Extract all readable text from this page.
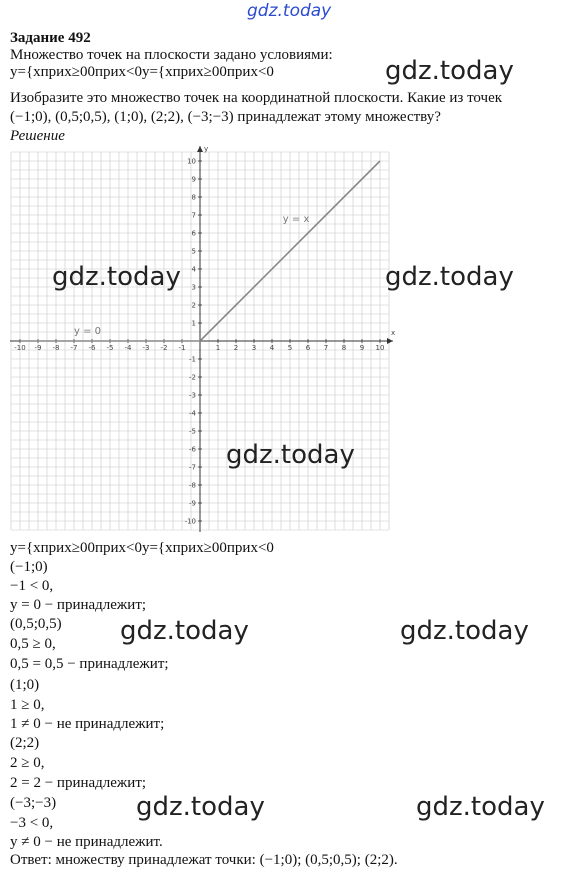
gdz.today
Задание 492
Множество точек на плоскости задано условиями:
y={xприх≥00прих<0y={xприх≥00прих<0
Изобразите это множество точек на координатной плоскости. Какие из точек
(−1;0), (0,5;0,5), (1;0), (2;2), (−3;−3) принадлежат этому множеству?
Решение
x
y
-10 -9 -8 -7 -6 -5 -4 -3 -2 -1	1 2 3 4 5 6 7 8 9 10
10
9
8
7
6
5
4
3
2
1
-1
-2
-3
-4
-5
-6
-7
-8
-9
-10
y = x
y = 0
gdz.today	gdz.today
gdz.today
gdz.today
y={xприх≥00прих<0y={xприх≥00прих<0
(−1;0)
−1 < 0,
y = 0 − принадлежит;
(0,5;0,5)
0,5 ≥ 0,
0,5 = 0,5 − принадлежит;
(1;0)
1 ≥ 0,
1 ≠ 0 − не принадлежит;
(2;2)
2 ≥ 0,
2 = 2 − принадлежит;
(−3;−3)
−3 < 0,
y ≠ 0 − не принадлежит.
Ответ: множеству принадлежат точки: (−1;0); (0,5;0,5); (2;2).
gdz.today	gdz.today
gdz.today	gdz.today
